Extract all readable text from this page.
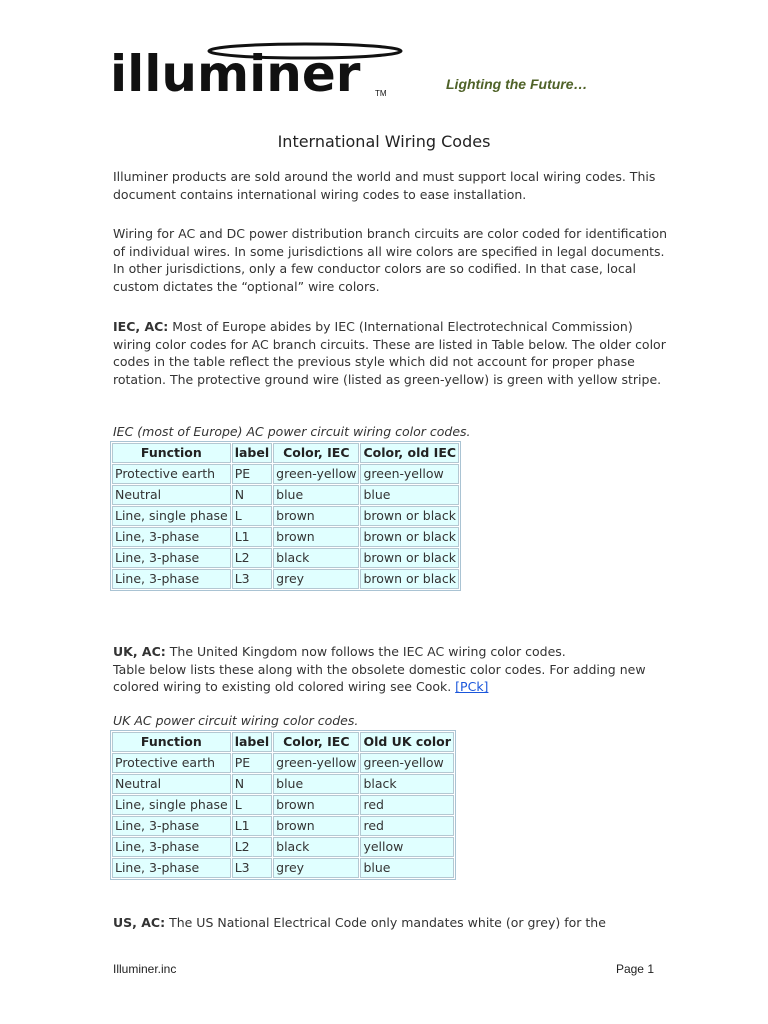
illuminer TM
Lighting the Future…
International Wiring Codes

Illuminer products are sold around the world and must support local wiring codes. This document contains international wiring codes to ease installation.

Wiring for AC and DC power distribution branch circuits are color coded for identification of individual wires. In some jurisdictions all wire colors are specified in legal documents. In other jurisdictions, only a few conductor colors are so codified. In that case, local custom dictates the “optional” wire colors.

IEC, AC: Most of Europe abides by IEC (International Electrotechnical Commission) wiring color codes for AC branch circuits. These are listed in Table below. The older color codes in the table reflect the previous style which did not account for proper phase rotation. The protective ground wire (listed as green-yellow) is green with yellow stripe.

IEC (most of Europe) AC power circuit wiring color codes.
Function	label	Color, IEC	Color, old IEC
Protective earth	PE	green-yellow	green-yellow
Neutral	N	blue	blue
Line, single phase	L	brown	brown or black
Line, 3-phase	L1	brown	brown or black
Line, 3-phase	L2	black	brown or black
Line, 3-phase	L3	grey	brown or black

UK, AC: The United Kingdom now follows the IEC AC wiring color codes.
Table below lists these along with the obsolete domestic color codes. For adding new colored wiring to existing old colored wiring see Cook. [PCk]

UK AC power circuit wiring color codes.
Function	label	Color, IEC	Old UK color
Protective earth	PE	green-yellow	green-yellow
Neutral	N	blue	black
Line, single phase	L	brown	red
Line, 3-phase	L1	brown	red
Line, 3-phase	L2	black	yellow
Line, 3-phase	L3	grey	blue

US, AC: The US National Electrical Code only mandates white (or grey) for the

Illuminer.inc	Page 1
